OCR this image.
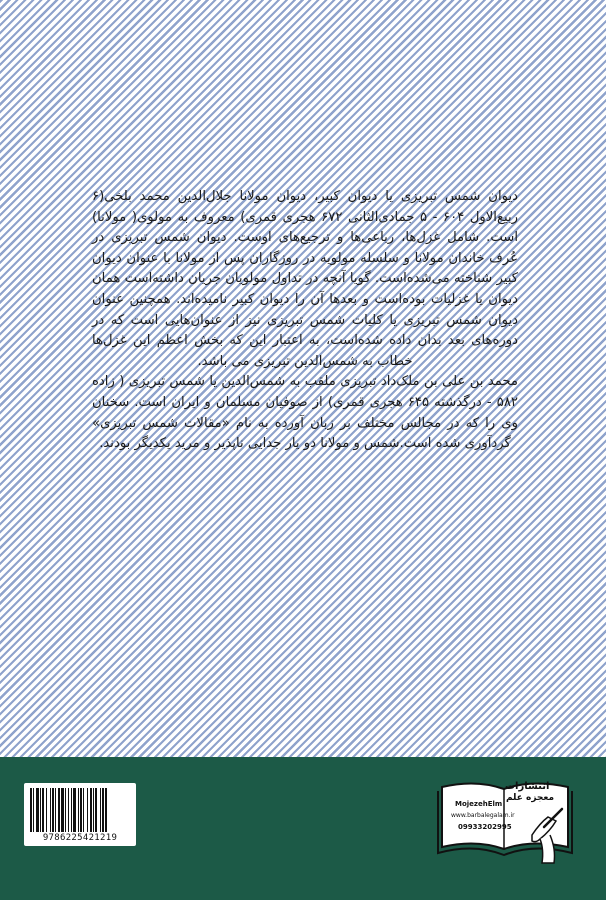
دیوان شمس تبریزی یا دیوان کبیر، دیوان مولانا جلال‌الدین محمد بلخی(۶ ربیع‌الاول ۶۰۴ - ۵ جمادی‌الثانی ۶۷۲ هجری قمری) معروف به مولوی( مولانا) است. شامل غزل‌ها، رباعی‌ها و ترجیع‌های اوست. دیوان شمس تبریزی در عُرف خاندان مولانا و سلسله مولویه در روزگاران پس از مولانا با عنوان دیوان کبیر شناخته می‌شده‌است. گویا آنچه در تداول مولویان جریان داشته‌است همان دیوان یا غزلیات بوده‌است و بعدها آن را دیوان کبیر نامیده‌اند. همچنین عنوان دیوان شمس تبریزی یا کلیات شمس تبریزی نیز از عنوان‌هایی است که در دوره‌های بعد بدان داده شده‌است، به اعتبار این که بخش اعظم این غزل‌ها خطاب به شمس‌الدین تبریزی می باشد.

محمد بن علی بن ملک‌داد تبریزی ملقب به شمس‌الدین یا شمس تبریزی ( زاده ۵۸۲ - درگذشته ۶۴۵ هجری قمری) از صوفیان مسلمان و ایران است. سخنان وی را که در مجالس مختلف بر زبان آورده به نام «مقالات شمس تبریزی» گردآوری شده است.شمس و مولانا دو یار جدایی ناپذیر و مرید یکدیگر بودند.

9786225421219
انتشارات
معجزه علم
MojezehElm
www.barbalegalam.ir
09933202995
